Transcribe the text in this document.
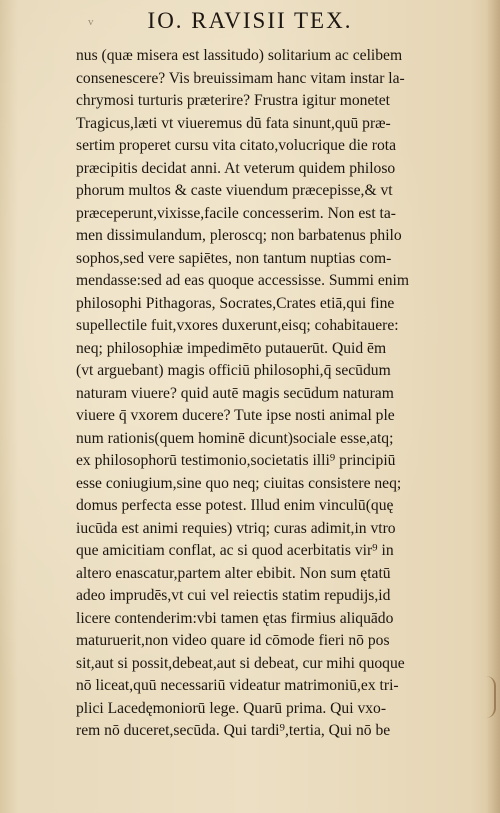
v	IO. RAVISII TEX.
nus (quæ misera est lassitudo) solitarium ac celibem
consenescere? Vis breuissimam hanc vitam instar la-
chrymosi turturis præterire? Frustra igitur monetet
Tragicus,læti vt viueremus dū fata sinunt,quū præ-
sertim properet cursu vita citato,volucrique die rota
præcipitis decidat anni. At veterum quidem philoso
phorum multos & caste viuendum præcepisse,& vt
præceperunt,vixisse,facile concesserim. Non est ta-
men dissimulandum, pleroscq; non barbatenus philo
sophos,sed vere sapiētes, non tantum nuptias com-
mendasse:sed ad eas quoque accessisse. Summi enim
philosophi Pithagoras, Socrates,Crates etiā,qui fine
supellectile fuit,vxores duxerunt,eisq; cohabitauere:
neq; philosophiæ impedimēto putauerūt. Quid ēm
(vt arguebant) magis officiū philosophi,q̄ secūdum
naturam viuere? quid autē magis secūdum naturam
viuere q̄ vxorem ducere? Tute ipse nosti animal ple
num rationis(quem hominē dicunt)sociale esse,atq;
ex philosophorū testimonio,societatis illi⁹ principiū
esse coniugium,sine quo neq; ciuitas consistere neq;
domus perfecta esse potest. Illud enim vinculū(quę
iucūda est animi requies) vtriq; curas adimit,in vtro
que amicitiam conflat, ac si quod acerbitatis vir⁹ in
altero enascatur,partem alter ebibit. Non sum ętatū
adeo imprudēs,vt cui vel reiectis statim repudijs,id
licere contenderim:vbi tamen ętas firmius aliquādo
maturuerit,non video quare id cōmode fieri nō pos
sit,aut si possit,debeat,aut si debeat, cur mihi quoque
nō liceat,quū necessariū videatur matrimoniū,ex tri-
plici Lacedęmoniorū lege. Quarū prima. Qui vxo-
rem nō duceret,secūda. Qui tardi⁹,tertia, Qui nō be
